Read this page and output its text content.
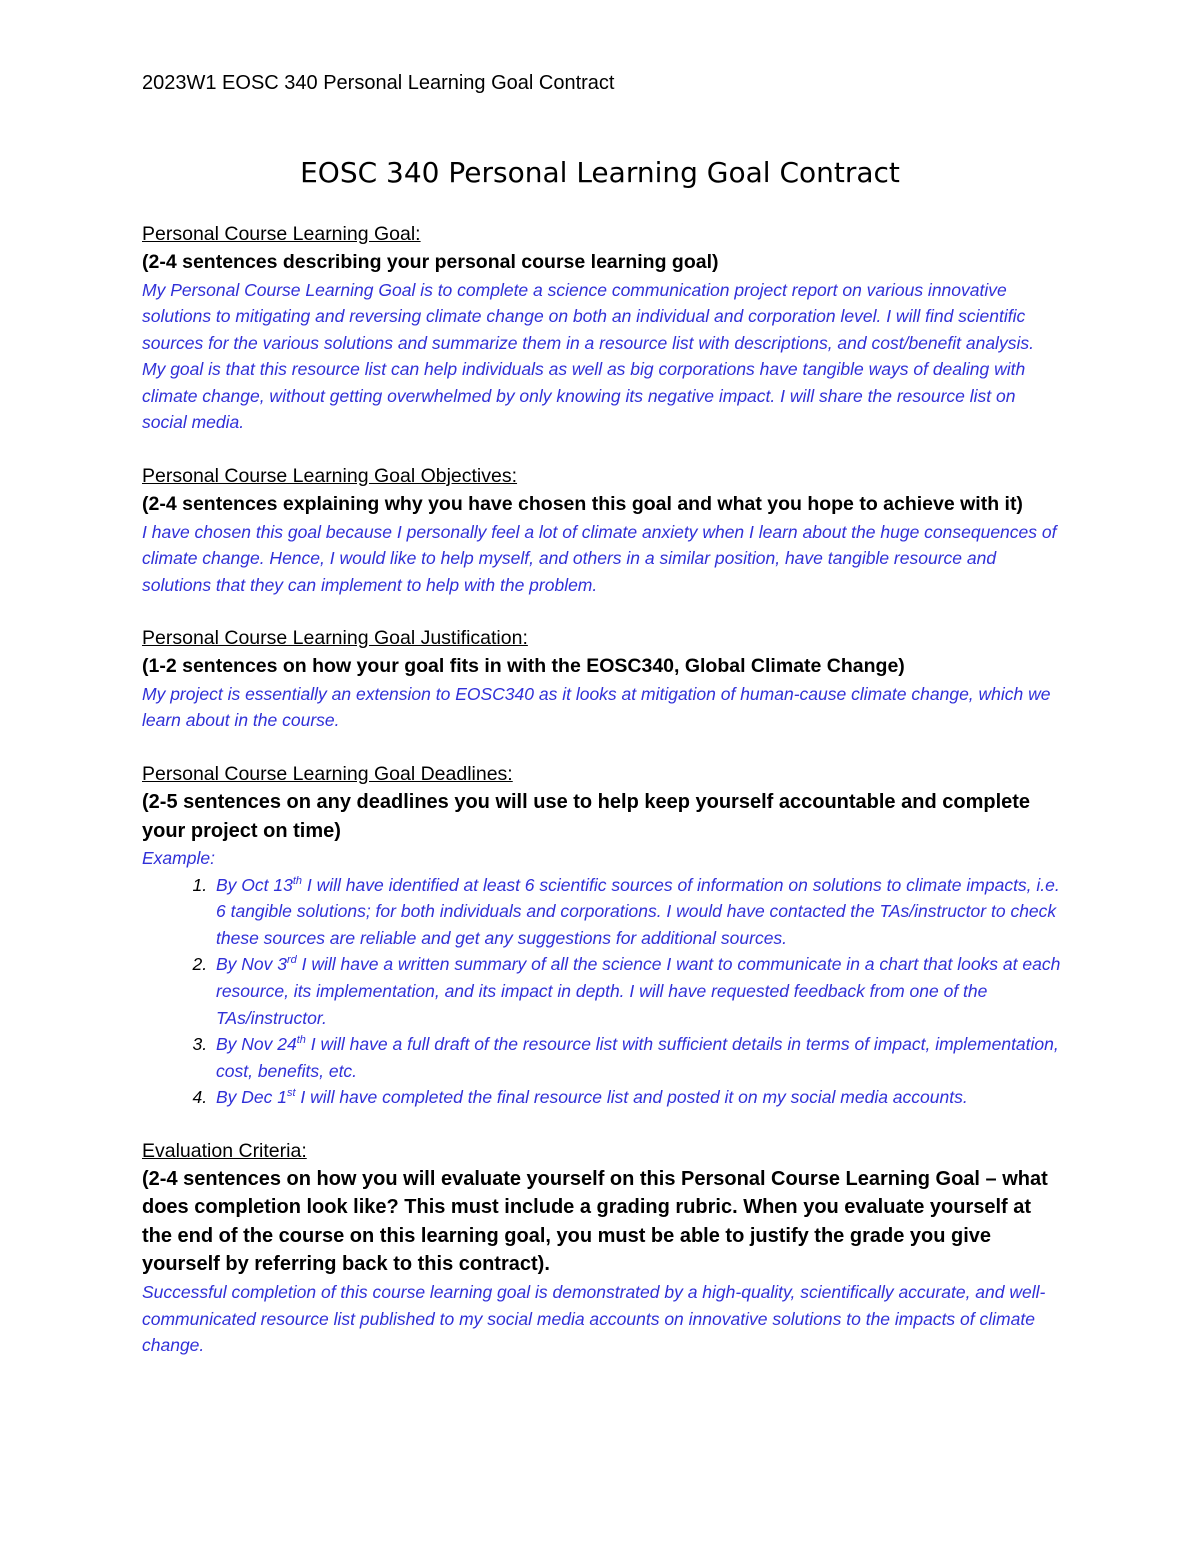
2023W1 EOSC 340 Personal Learning Goal Contract
EOSC 340 Personal Learning Goal Contract
Personal Course Learning Goal:
(2-4 sentences describing your personal course learning goal)
My Personal Course Learning Goal is to complete a science communication project report on various innovative solutions to mitigating and reversing climate change on both an individual and corporation level. I will find scientific sources for the various solutions and summarize them in a resource list with descriptions, and cost/benefit analysis. My goal is that this resource list can help individuals as well as big corporations have tangible ways of dealing with climate change, without getting overwhelmed by only knowing its negative impact. I will share the resource list on social media.
Personal Course Learning Goal Objectives:
(2-4 sentences explaining why you have chosen this goal and what you hope to achieve with it)
I have chosen this goal because I personally feel a lot of climate anxiety when I learn about the huge consequences of climate change. Hence, I would like to help myself, and others in a similar position, have tangible resource and solutions that they can implement to help with the problem.
Personal Course Learning Goal Justification:
(1-2 sentences on how your goal fits in with the EOSC340, Global Climate Change)
My project is essentially an extension to EOSC340 as it looks at mitigation of human-cause climate change, which we learn about in the course.
Personal Course Learning Goal Deadlines:
(2-5 sentences on any deadlines you will use to help keep yourself accountable and complete your project on time)
Example:
1. By Oct 13th I will have identified at least 6 scientific sources of information on solutions to climate impacts, i.e. 6 tangible solutions; for both individuals and corporations. I would have contacted the TAs/instructor to check these sources are reliable and get any suggestions for additional sources.
2. By Nov 3rd I will have a written summary of all the science I want to communicate in a chart that looks at each resource, its implementation, and its impact in depth. I will have requested feedback from one of the TAs/instructor.
3. By Nov 24th I will have a full draft of the resource list with sufficient details in terms of impact, implementation, cost, benefits, etc.
4. By Dec 1st I will have completed the final resource list and posted it on my social media accounts.
Evaluation Criteria:
(2-4 sentences on how you will evaluate yourself on this Personal Course Learning Goal – what does completion look like? This must include a grading rubric. When you evaluate yourself at the end of the course on this learning goal, you must be able to justify the grade you give yourself by referring back to this contract).
Successful completion of this course learning goal is demonstrated by a high-quality, scientifically accurate, and well-communicated resource list published to my social media accounts on innovative solutions to the impacts of climate change.
